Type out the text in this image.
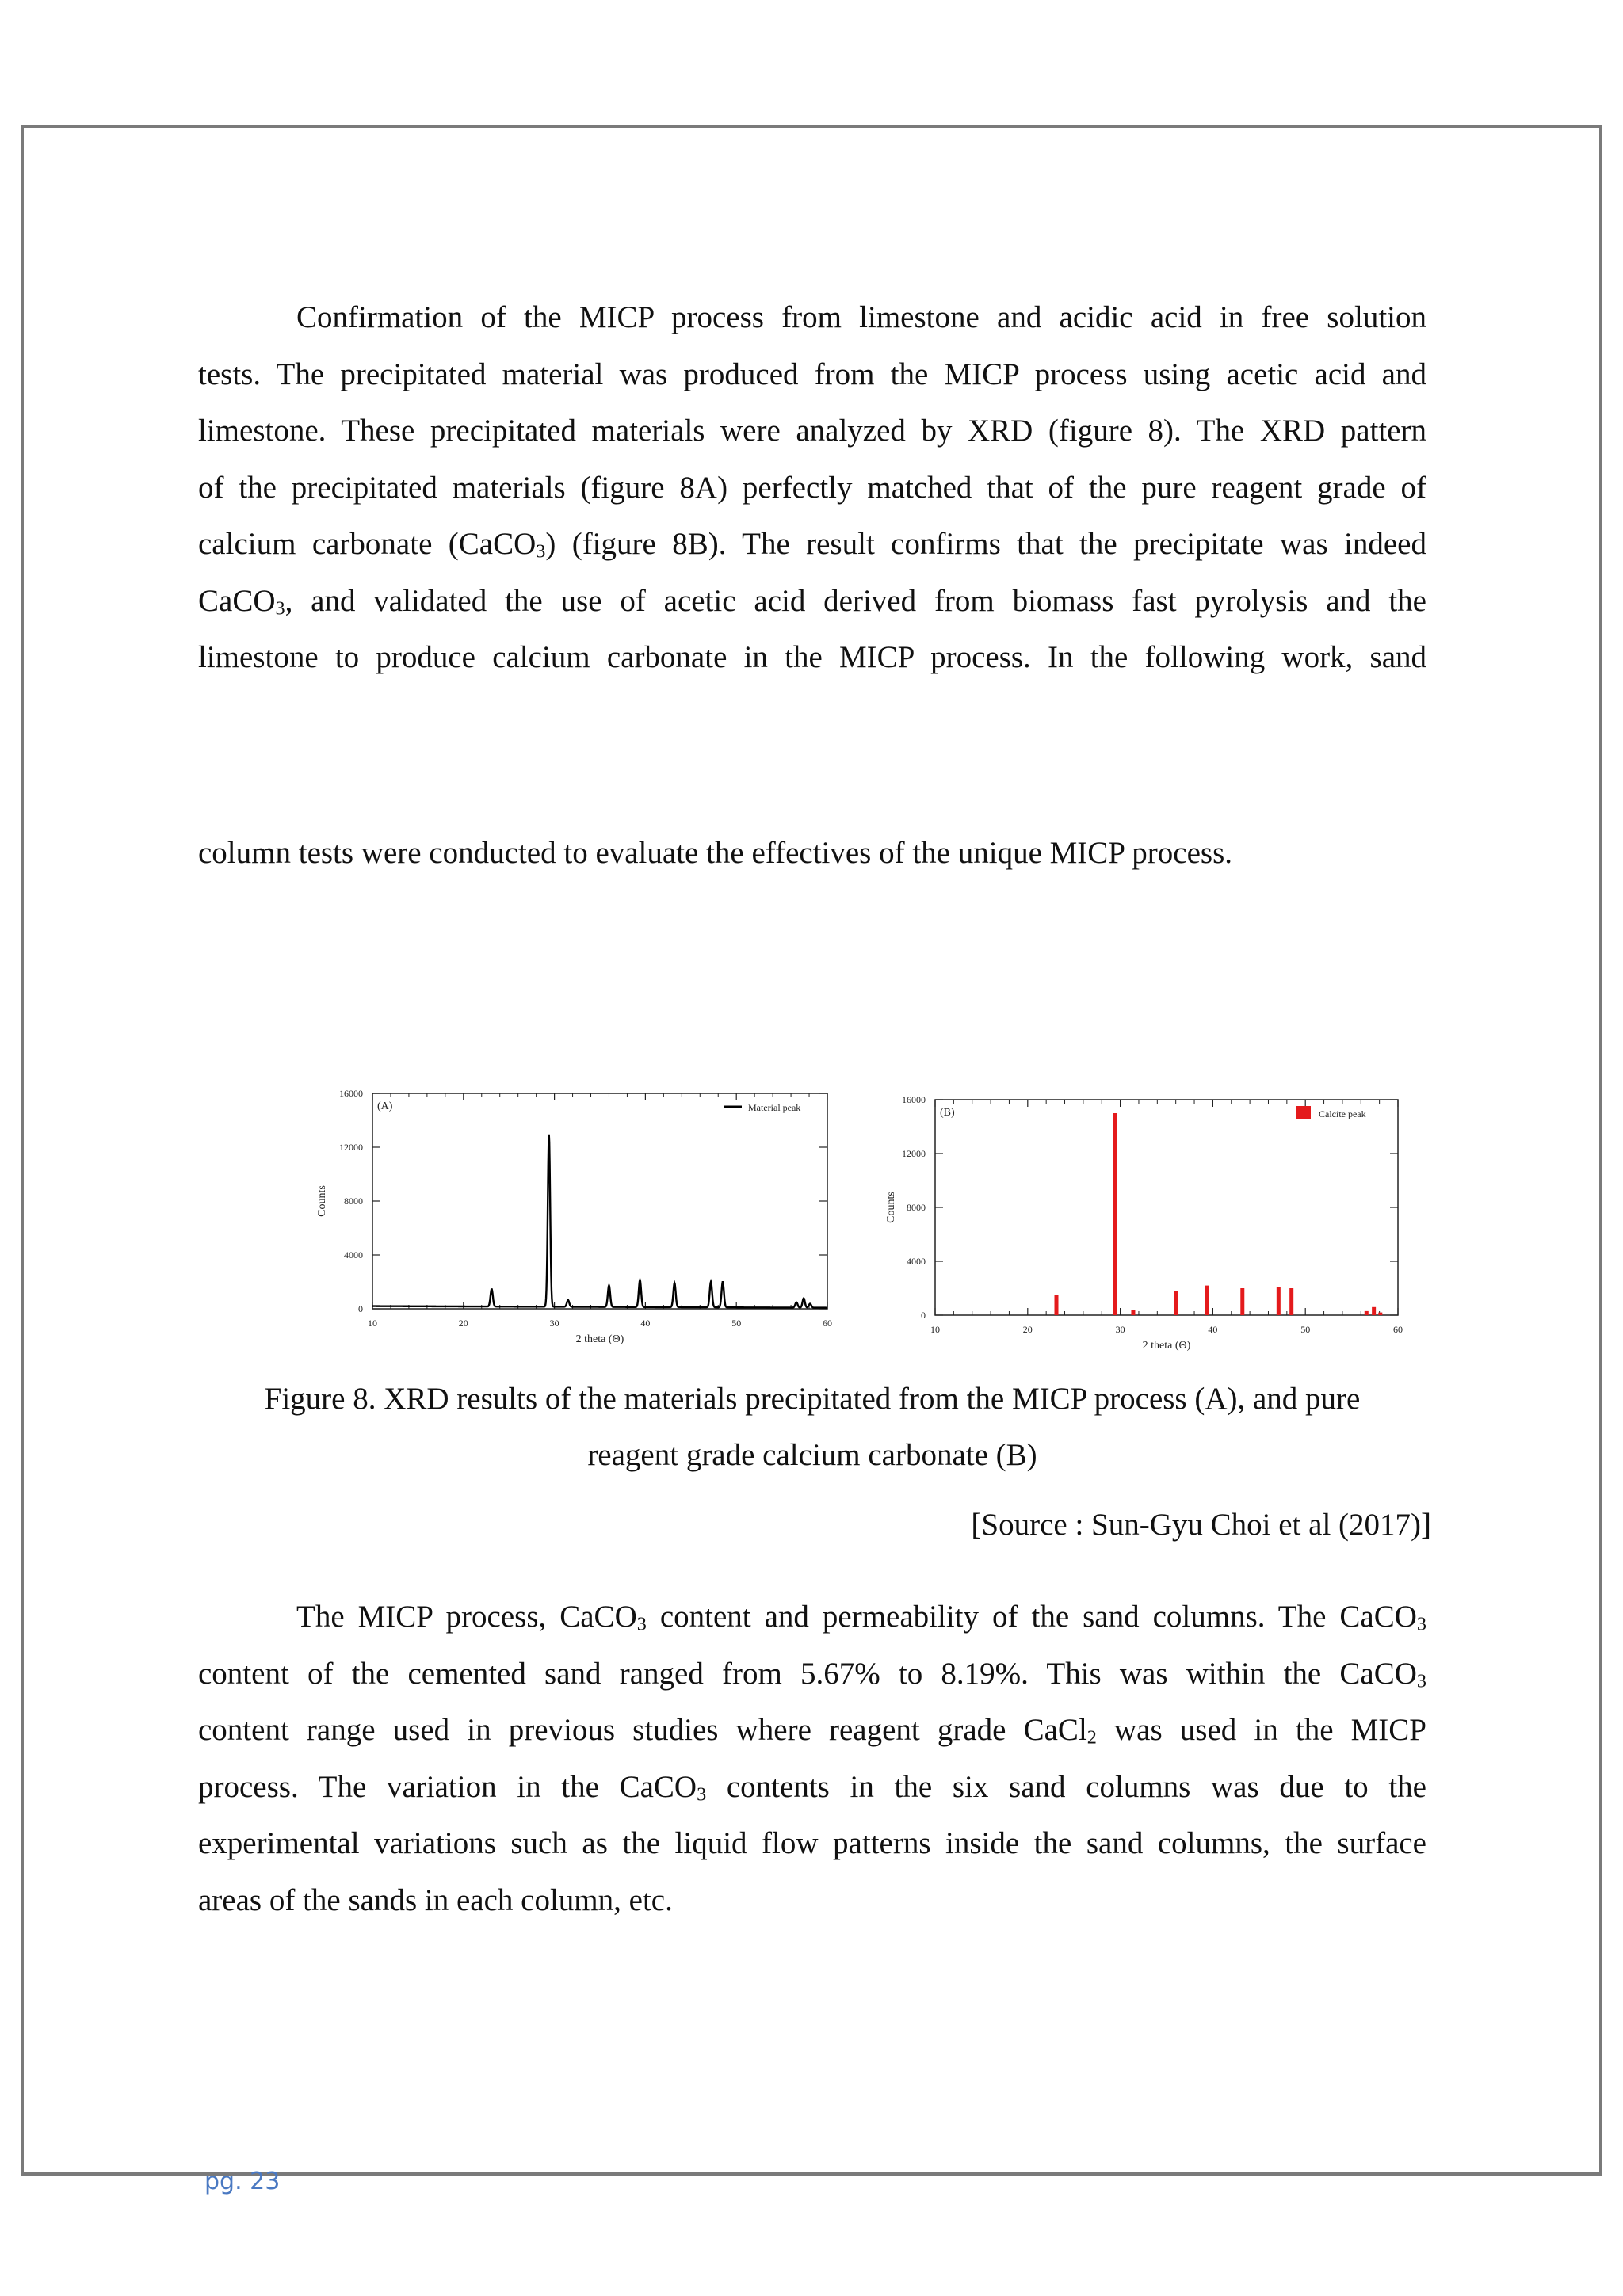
Confirmation of the MICP process from limestone and acidic acid in free solution
tests. The precipitated material was produced from the MICP process using acetic acid and
limestone. These precipitated materials were analyzed by XRD (figure 8). The XRD pattern
of the precipitated materials (figure 8A) perfectly matched that of the pure reagent grade of
calcium carbonate (CaCO$_3$) (figure 8B). The result confirms that the precipitate was indeed
CaCO$_3$, and validated the use of acetic acid derived from biomass fast pyrolysis and the
limestone to produce calcium carbonate in the MICP process. In the following work, sand

column tests were conducted to evaluate the effectives of the unique MICP process.

10	20	30	40	50	60
0
4000
8000
12000
16000
2 theta (Θ)
Counts
(A)	Material peak
10	20	30	40	50	60
0
4000
8000
12000
16000
2 theta (Θ)
Counts
(B)	Calcite peak

Figure 8. XRD results of the materials precipitated from the MICP process (A), and pure
reagent grade calcium carbonate (B)

[Source : Sun-Gyu Choi et al (2017)]

The MICP process, CaCO$_3$ content and permeability of the sand columns. The CaCO$_3$
content of the cemented sand ranged from 5.67% to 8.19%. This was within the CaCO$_3$
content range used in previous studies where reagent grade CaCl$_2$ was used in the MICP
process. The variation in the CaCO$_3$ contents in the six sand columns was due to the
experimental variations such as the liquid flow patterns inside the sand columns, the surface
areas of the sands in each column, etc.

pg. 23
